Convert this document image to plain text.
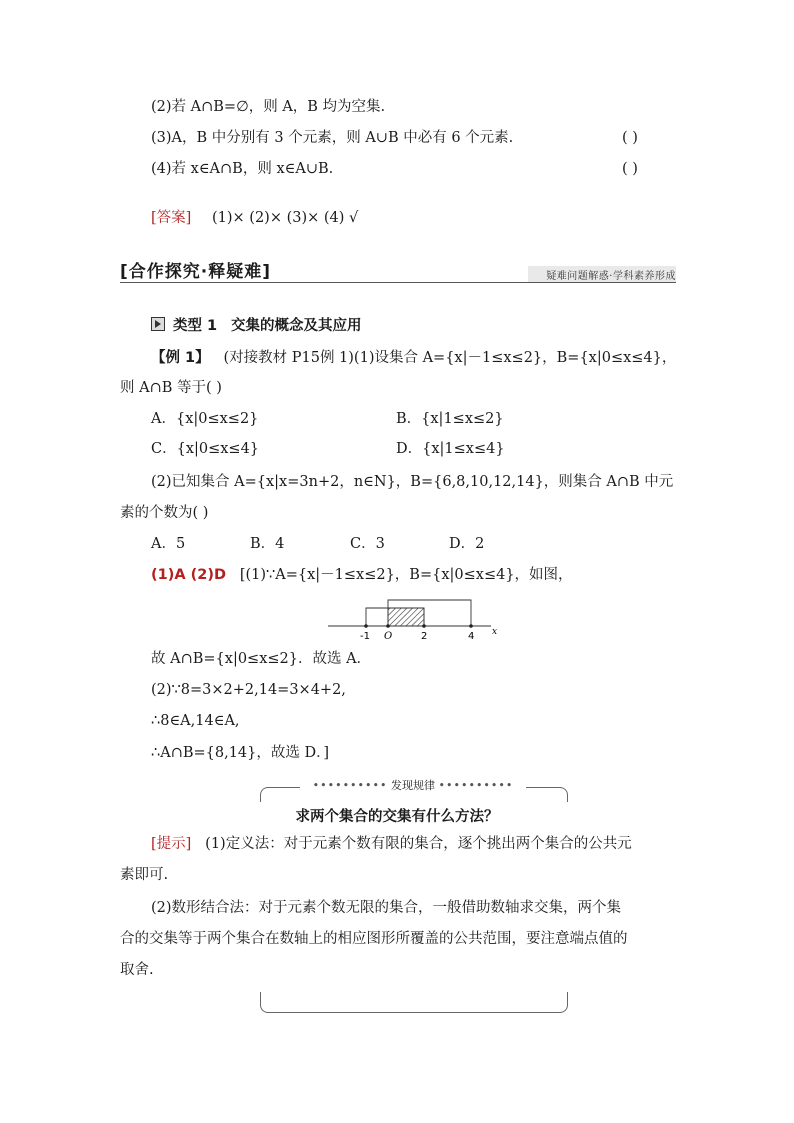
(2)若 A∩B=∅，则 A，B 均为空集.
(3)A，B 中分别有 3 个元素，则 A∪B 中必有 6 个元素.	( )
(4)若 x∈A∩B，则 x∈A∪B.	( )
[答案] (1)× (2)× (3)× (4) √
[合作探究·释疑难]	疑难问题解惑·学科素养形成
类型 1 交集的概念及其应用
【例 1】 (对接教材 P15例 1)(1)设集合 A={x|－1≤x≤2}，B={x|0≤x≤4}，
则 A∩B 等于( )
A．{x|0≤x≤2}	B．{x|1≤x≤2}
C．{x|0≤x≤4}	D．{x|1≤x≤4}
(2)已知集合 A={x|x=3n+2，n∈N}，B={6,8,10,12,14}，则集合 A∩B 中元
素的个数为( )
A．5	B．4	C．3	D．2
(1)A (2)D [(1)∵A={x|－1≤x≤2}，B={x|0≤x≤4}，如图，
-1 O	2	4 x
故 A∩B={x|0≤x≤2}．故选 A．
(2)∵8=3×2+2,14=3×4+2,
∴8∈A,14∈A,
∴A∩B={8,14}，故选 D．]
•••••••••• 发现规律 ••••••••••
求两个集合的交集有什么方法？
[提示] (1)定义法：对于元素个数有限的集合，逐个挑出两个集合的公共元
素即可.
(2)数形结合法：对于元素个数无限的集合，一般借助数轴求交集，两个集
合的交集等于两个集合在数轴上的相应图形所覆盖的公共范围，要注意端点值的
取舍.
